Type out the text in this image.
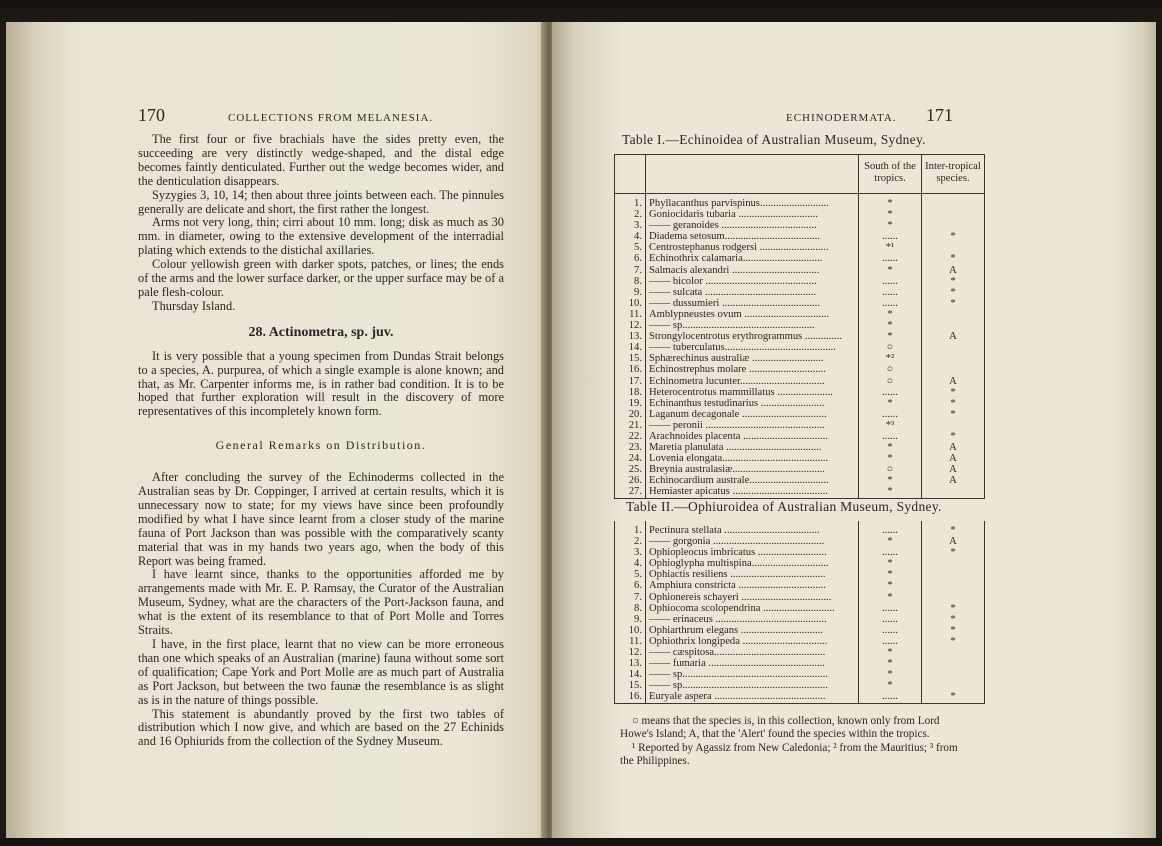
170	COLLECTIONS FROM MELANESIA.

The first four or five brachials have the sides pretty even, the succeeding are very distinctly wedge-shaped, and the distal edge becomes faintly denticulated. Further out the wedge becomes wider, and the denticulation disappears.

Syzygies 3, 10, 14; then about three joints between each. The pinnules generally are delicate and short, the first rather the longest.

Arms not very long, thin; cirri about 10 mm. long; disk as much as 30 mm. in diameter, owing to the extensive development of the interradial plating which extends to the distichal axillaries.

Colour yellowish green with darker spots, patches, or lines; the ends of the arms and the lower surface darker, or the upper surface may be of a pale flesh-colour.

Thursday Island.

28. Actinometra, sp. juv.

It is very possible that a young specimen from Dundas Strait belongs to a species, A. purpurea, of which a single example is alone known; and that, as Mr. Carpenter informs me, is in rather bad condition. It is to be hoped that further exploration will result in the discovery of more representatives of this incompletely known form.

General Remarks on Distribution.

After concluding the survey of the Echinoderms collected in the Australian seas by Dr. Coppinger, I arrived at certain results, which it is unnecessary now to state; for my views have since been profoundly modified by what I have since learnt from a closer study of the marine fauna of Port Jackson than was possible with the comparatively scanty material that was in my hands two years ago, when the body of this Report was being framed.

I have learnt since, thanks to the opportunities afforded me by arrangements made with Mr. E. P. Ramsay, the Curator of the Australian Museum, Sydney, what are the characters of the Port-Jackson fauna, and what is the extent of its resemblance to that of Port Molle and Torres Straits.

I have, in the first place, learnt that no view can be more erroneous than one which speaks of an Australian (marine) fauna without some sort of qualification; Cape York and Port Molle are as much part of Australia as Port Jackson, but between the two faunæ the resemblance is as slight as is in the nature of things possible.

This statement is abundantly proved by the first two tables of distribution which I now give, and which are based on the 27 Echinids and 16 Ophiurids from the collection of the Sydney Museum.

ECHINODERMATA. 171
Table I.—Echinoidea of Australian Museum, Sydney.
		South of the tropics.	Inter-tropical species.
1.	Phyllacanthus parvispinus..........................	*	
2.	Goniocidaris tubaria ..............................	*	
3.	—— geranoides ....................................	*	
4.	Diadema setosum....................................	......	*
5.	Centrostephanus rodgersi ..........................	*¹	
6.	Echinothrix calamaria..............................	......	*
7.	Salmacis alexandri .................................	*	A
8.	—— bicolor ..........................................	......	*
9.	—— sulcata ..........................................	......	*
10.	—— dussumieri .....................................	......	*
11.	Amblypneustes ovum ................................	*	
12.	—— sp..................................................	*	
13.	Strongylocentrotus erythrogrammus ..............	*	A
14.	—— tuberculatus..........................................	○	
15.	Sphærechinus australiæ ...........................	*²	
16.	Echinostrephus molare .............................	○	
17.	Echinometra lucunter................................	○	A
18.	Heterocentrotus mammillatus .....................	......	*
19.	Echinanthus testudinarius ........................	*	*
20.	Laganum decagonale ................................	......	*
21.	—— peronii .............................................	*³	
22.	Arachnoides placenta ................................	......	*
23.	Maretia planulata ....................................	*	A
24.	Lovenia elongata........................................	*	A
25.	Breynia australasiæ...................................	○	A
26.	Echinocardium australe..............................	*	A
27.	Hemiaster apicatus ....................................	*	
Table II.—Ophiuroidea of Australian Museum, Sydney.
1.	Pectinura stellata ....................................	......	*
2.	—— gorgonia ..........................................	*	A
3.	Ophiopleocus imbricatus ..........................	......	*
4.	Ophioglypha multispina.............................	*	
5.	Ophiactis resiliens ....................................	*	
6.	Amphiura constricta .................................	*	
7.	Ophionereis schayeri ..................................	*	
8.	Ophiocoma scolopendrina ...........................	......	*
9.	—— erinaceus ..........................................	......	*
10.	Ophiarthrum elegans ...............................	......	*
11.	Ophiothrix longipeda ................................	......	*
12.	—— cæspitosa..........................................	*	
13.	—— fumaria ............................................	*	
14.	—— sp.......................................................	*	
15.	—— sp.......................................................	*	
16.	Euryale aspera ..........................................	......	*

○ means that the species is, in this collection, known only from Lord Howe's Island; A, that the 'Alert' found the species within the tropics.

¹ Reported by Agassiz from New Caledonia; ² from the Mauritius; ³ from the Philippines.
